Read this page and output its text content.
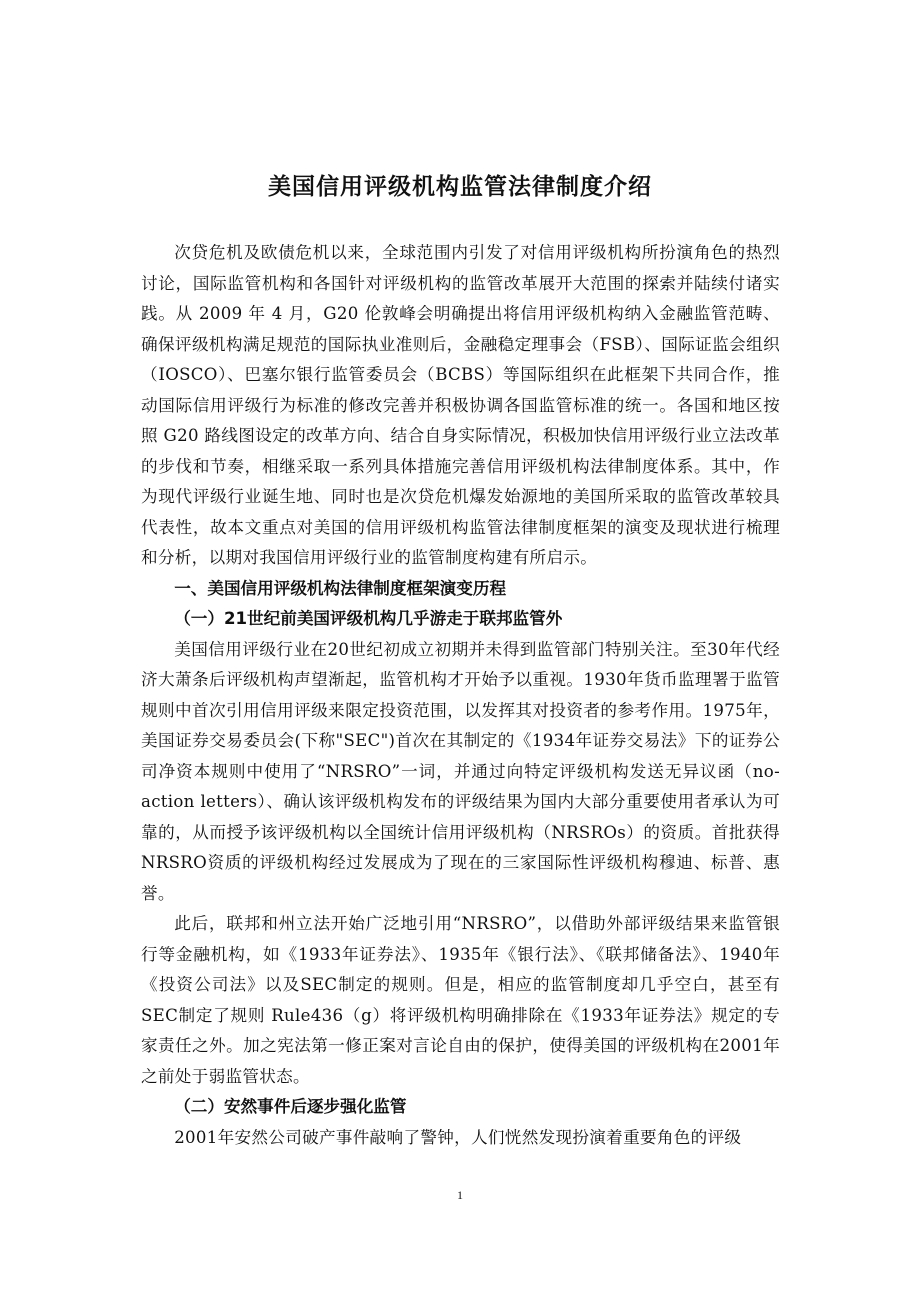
美国信用评级机构监管法律制度介绍

次贷危机及欧债危机以来，全球范围内引发了对信用评级机构所扮演角色的热烈讨论，国际监管机构和各国针对评级机构的监管改革展开大范围的探索并陆续付诸实践。从 2009 年 4 月，G20 伦敦峰会明确提出将信用评级机构纳入金融监管范畴、确保评级机构满足规范的国际执业准则后，金融稳定理事会（FSB）、国际证监会组织（IOSCO）、巴塞尔银行监管委员会（BCBS）等国际组织在此框架下共同合作，推动国际信用评级行为标准的修改完善并积极协调各国监管标准的统一。各国和地区按照 G20 路线图设定的改革方向、结合自身实际情况，积极加快信用评级行业立法改革的步伐和节奏，相继采取一系列具体措施完善信用评级机构法律制度体系。其中，作为现代评级行业诞生地、同时也是次贷危机爆发始源地的美国所采取的监管改革较具代表性，故本文重点对美国的信用评级机构监管法律制度框架的演变及现状进行梳理和分析，以期对我国信用评级行业的监管制度构建有所启示。

一、美国信用评级机构法律制度框架演变历程

（一）21世纪前美国评级机构几乎游走于联邦监管外

美国信用评级行业在20世纪初成立初期并未得到监管部门特别关注。至30年代经济大萧条后评级机构声望渐起，监管机构才开始予以重视。1930年货币监理署于监管规则中首次引用信用评级来限定投资范围，以发挥其对投资者的参考作用。1975年，美国证券交易委员会(下称"SEC")首次在其制定的《1934年证券交易法》下的证券公司净资本规则中使用了“NRSRO”一词，并通过向特定评级机构发送无异议函（no-action letters）、确认该评级机构发布的评级结果为国内大部分重要使用者承认为可靠的，从而授予该评级机构以全国统计信用评级机构（NRSROs）的资质。首批获得NRSRO资质的评级机构经过发展成为了现在的三家国际性评级机构穆迪、标普、惠誉。

此后，联邦和州立法开始广泛地引用“NRSRO”，以借助外部评级结果来监管银行等金融机构，如《1933年证券法》、1935年《银行法》、《联邦储备法》、1940年《投资公司法》以及SEC制定的规则。但是，相应的监管制度却几乎空白，甚至有SEC制定了规则 Rule436（g）将评级机构明确排除在《1933年证券法》规定的专家责任之外。加之宪法第一修正案对言论自由的保护，使得美国的评级机构在2001年之前处于弱监管状态。

（二）安然事件后逐步强化监管

2001年安然公司破产事件敲响了警钟，人们恍然发现扮演着重要角色的评级

1
